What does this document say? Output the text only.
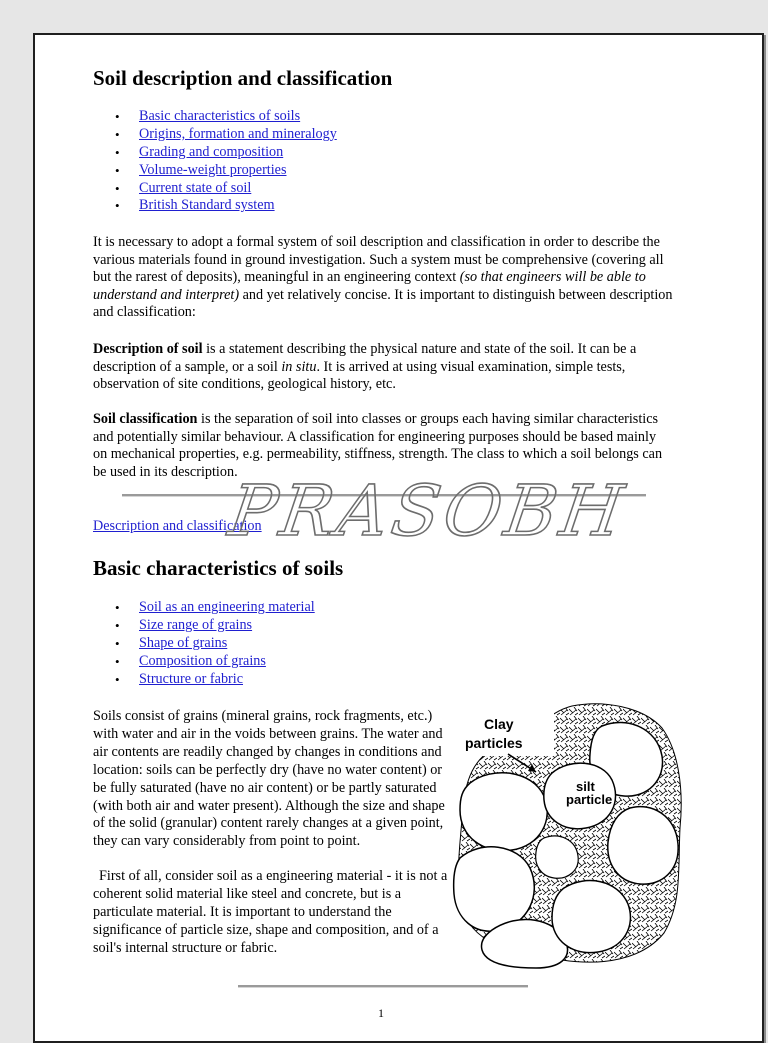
Soil description and classification
• Basic characteristics of soils
• Origins, formation and mineralogy
• Grading and composition
• Volume-weight properties
• Current state of soil
• British Standard system

It is necessary to adopt a formal system of soil description and classification in order to describe the various materials found in ground investigation. Such a system must be comprehensive (covering all but the rarest of deposits), meaningful in an engineering context (so that engineers will be able to understand and interpret) and yet relatively concise. It is important to distinguish between description and classification:

Description of soil is a statement describing the physical nature and state of the soil. It can be a description of a sample, or a soil in situ. It is arrived at using visual examination, simple tests, observation of site conditions, geological history, etc.

Soil classification is the separation of soil into classes or groups each having similar characteristics and potentially similar behaviour. A classification for engineering purposes should be based mainly on mechanical properties, e.g. permeability, stiffness, strength. The class to which a soil belongs can be used in its description.

Description and classification

Basic characteristics of soils
• Soil as an engineering material
• Size range of grains
• Shape of grains
• Composition of grains
• Structure or fabric

Soils consist of grains (mineral grains, rock fragments, etc.) with water and air in the voids between grains. The water and air contents are readily changed by changes in conditions and location: soils can be perfectly dry (have no water content) or be fully saturated (have no air content) or be partly saturated (with both air and water present). Although the size and shape of the solid (granular) content rarely changes at a given point, they can vary considerably from point to point.

First of all, consider soil as a engineering material - it is not a coherent solid material like steel and concrete, but is a particulate material. It is important to understand the significance of particle size, shape and composition, and of a soil's internal structure or fabric.

Clay
particles
silt
particle
1
